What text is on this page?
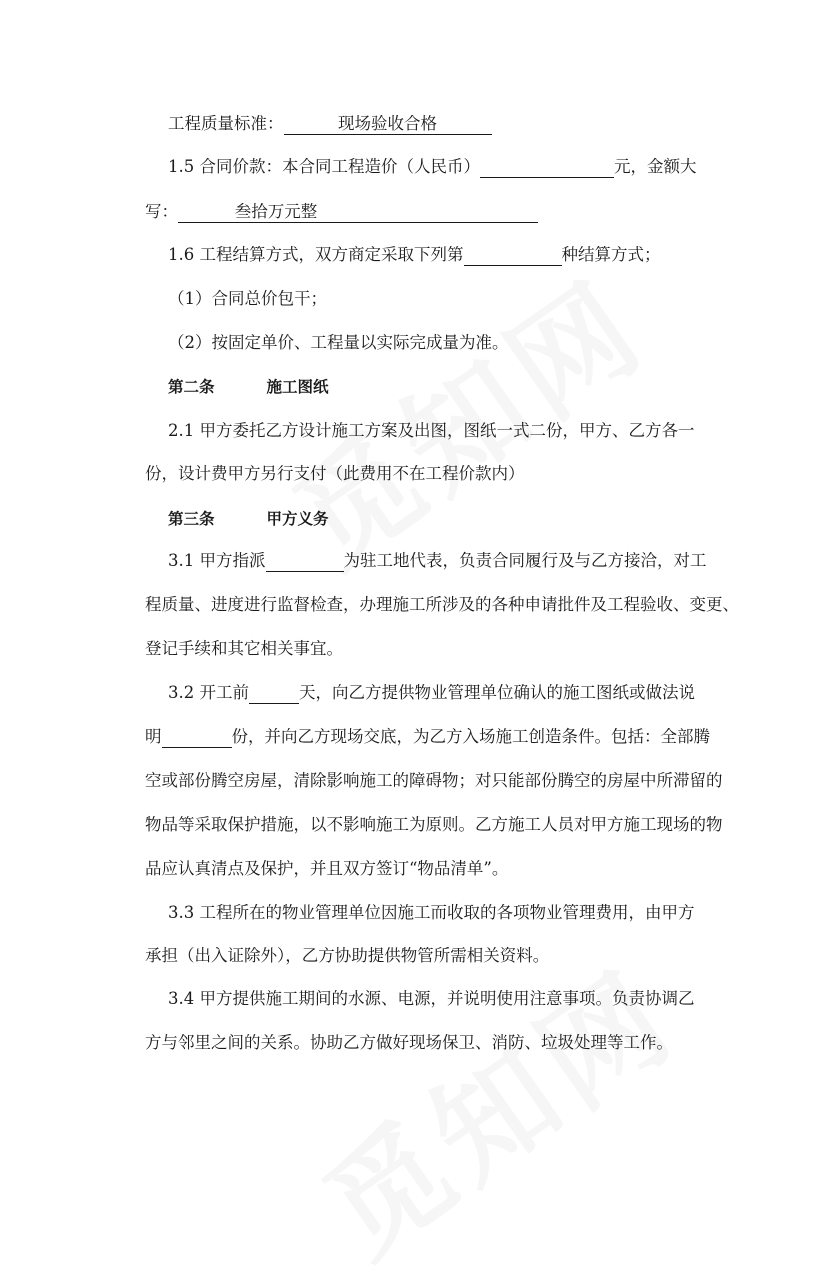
工程质量标准：	现场验收合格
1.5 合同价款：本合同工程造价（人民币）	元，金额大
写：	叁拾万元整
1.6 工程结算方式，双方商定采取下列第	种结算方式；
（1）合同总价包干；
（2）按固定单价、工程量以实际完成量为准。
第二条	施工图纸
2.1 甲方委托乙方设计施工方案及出图，图纸一式二份，甲方、乙方各一
份，设计费甲方另行支付（此费用不在工程价款内）
第三条	甲方义务
3.1 甲方指派	为驻工地代表，负责合同履行及与乙方接洽，对工
程质量、进度进行监督检查，办理施工所涉及的各种申请批件及工程验收、变更、
登记手续和其它相关事宜。
3.2 开工前	天，向乙方提供物业管理单位确认的施工图纸或做法说
明	份，并向乙方现场交底，为乙方入场施工创造条件。包括：全部腾
空或部份腾空房屋，清除影响施工的障碍物；对只能部份腾空的房屋中所滞留的
物品等采取保护措施，以不影响施工为原则。乙方施工人员对甲方施工现场的物
品应认真清点及保护，并且双方签订“物品清单”。
3.3 工程所在的物业管理单位因施工而收取的各项物业管理费用，由甲方
承担（出入证除外），乙方协助提供物管所需相关资料。
3.4 甲方提供施工期间的水源、电源，并说明使用注意事项。负责协调乙
方与邻里之间的关系。协助乙方做好现场保卫、消防、垃圾处理等工作。
